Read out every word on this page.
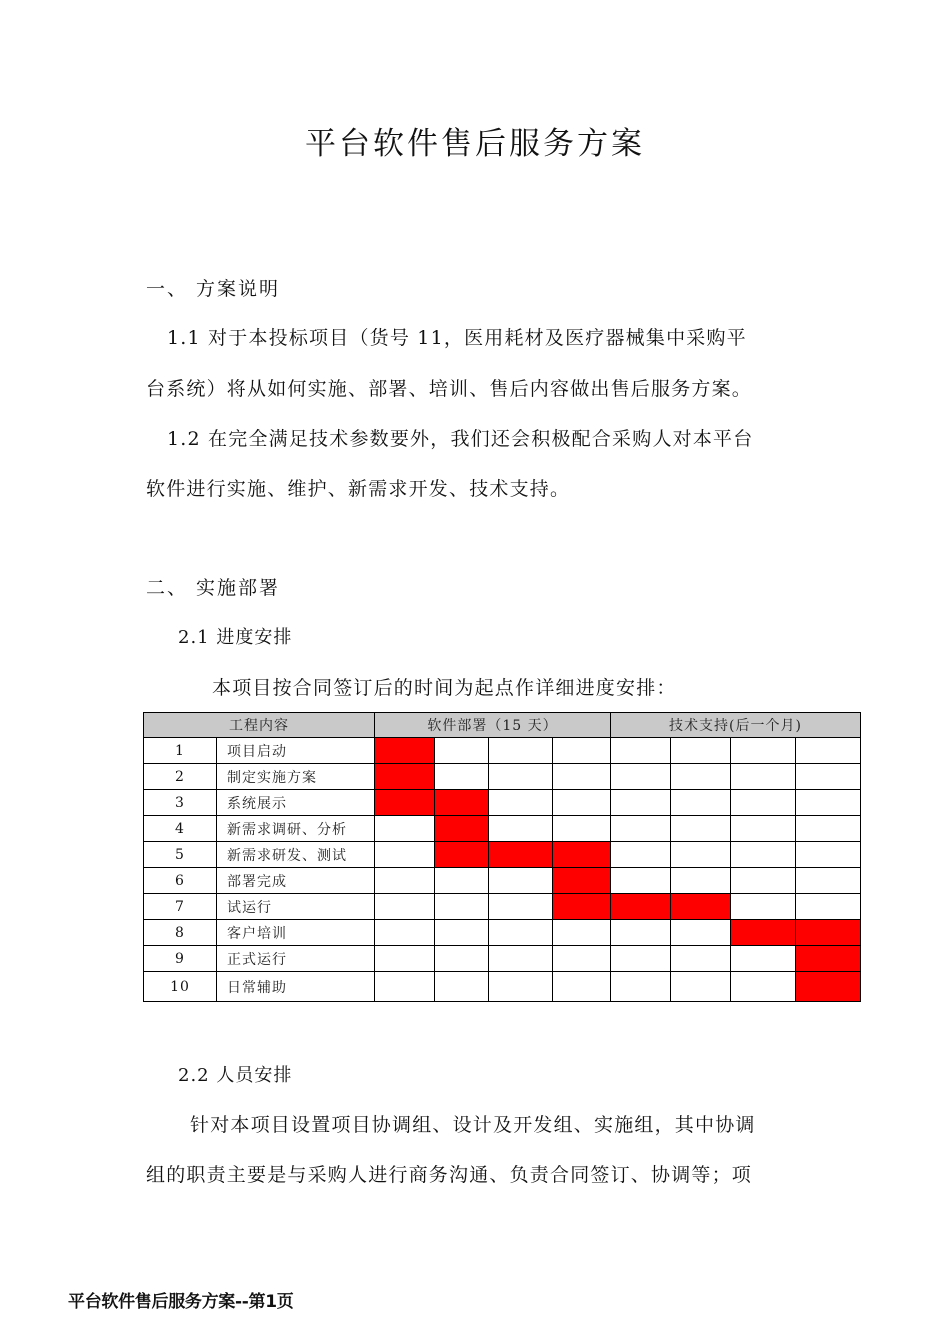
平台软件售后服务方案
一、 方案说明
1.1 对于本投标项目（货号 11，医用耗材及医疗器械集中采购平
台系统）将从如何实施、部署、培训、售后内容做出售后服务方案。
1.2 在完全满足技术参数要外，我们还会积极配合采购人对本平台
软件进行实施、维护、新需求开发、技术支持。
二、 实施部署
2.1 进度安排
本项目按合同签订后的时间为起点作详细进度安排：
工程内容		软件部署（15 天）				技术支持(后一个月)			
1	项目启动								
2	制定实施方案								
3	系统展示								
4	新需求调研、分析								
5	新需求研发、测试								
6	部署完成								
7	试运行								
8	客户培训								
9	正式运行								
10	日常辅助								
2.2 人员安排
针对本项目设置项目协调组、设计及开发组、实施组，其中协调
组的职责主要是与采购人进行商务沟通、负责合同签订、协调等；项
平台软件售后服务方案--第1页
